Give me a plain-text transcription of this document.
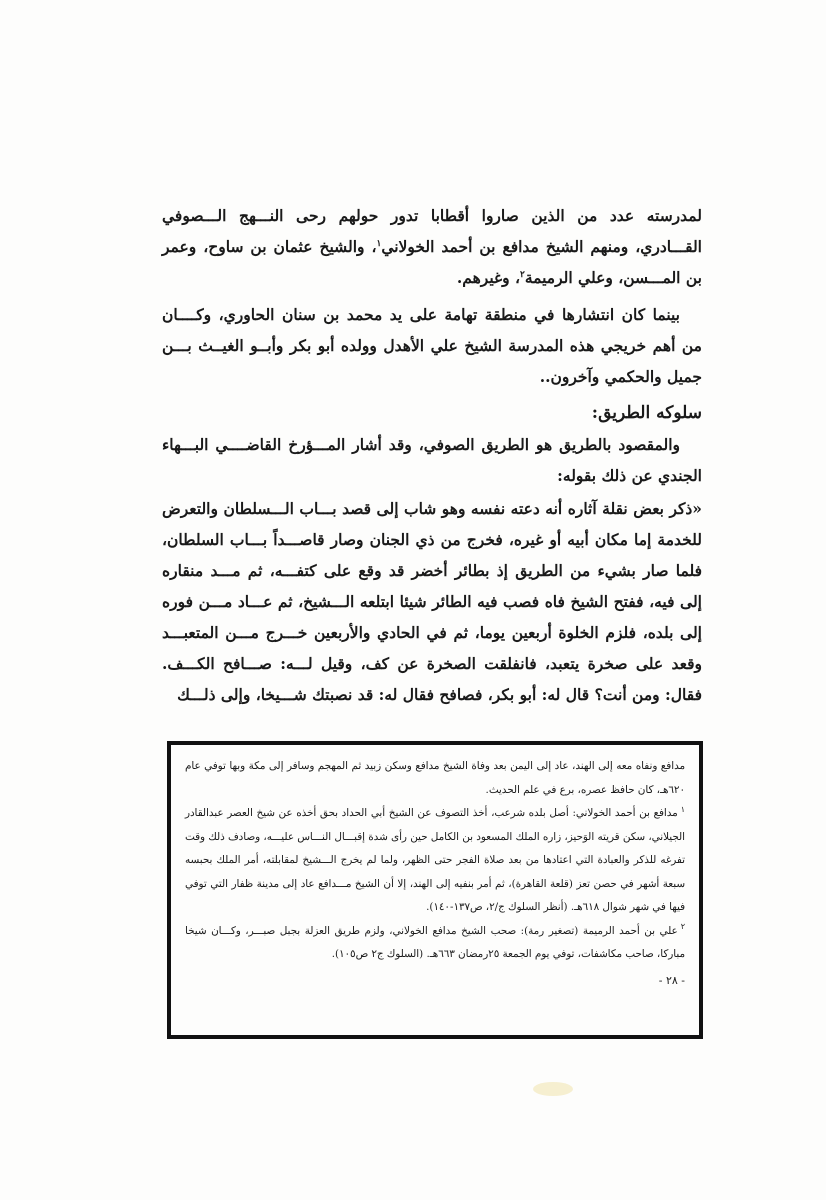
لمدرسته عدد من الذين صاروا أقطابا تدور حولهم رحى النـــهج الـــصوفي القـــادري، ومنهم الشيخ مدافع بن أحمد الخولاني$^١$، والشيخ عثمان بن ساوح، وعمر بن المـــسن، وعلي الرميمة$^٢$، وغيرهم.

بينما كان انتشارها في منطقة تهامة على يد محمد بن سنان الحاوري، وكــــان من أهم خريجي هذه المدرسة الشيخ علي الأهدل وولده أبو بكر وأبــو الغيــث بـــن جميل والحكمي وآخرون..

سلوكه الطريق:

والمقصود بالطريق هو الطريق الصوفي، وقد أشار المـــؤرخ القاضــــي البـــهاء الجندي عن ذلك بقوله:

«ذكر بعض نقلة آثاره أنه دعته نفسه وهو شاب إلى قصد بـــاب الـــسلطان والتعرض للخدمة إما مكان أبيه أو غيره، فخرج من ذي الجنان وصار قاصـــداً بـــاب السلطان، فلما صار بشيء من الطريق إذ بطائر أخضر قد وقع على كتفـــه، ثم مـــد منقاره إلى فيه، ففتح الشيخ فاه فصب فيه الطائر شيئا ابتلعه الـــشيخ، ثم عـــاد مـــن فوره إلى بلده، فلزم الخلوة أربعين يوما، ثم في الحادي والأربعين خـــرج مـــن المتعبـــد وقعد على صخرة يتعبد، فانفلقت الصخرة عن كف، وقيل لـــه: صـــافح الكـــف. فقال: ومن أنت؟ قال له: أبو بكر، فصافح فقال له: قد نصبتك شـــيخا، وإلى ذلـــك

مدافع ونفاه معه إلى الهند، عاد إلى اليمن بعد وفاة الشيخ مدافع وسكن زبيد ثم المهجم وسافر إلى مكة وبها توفي عام ٦٢٠هـ، كان حافظ عصره، برع في علم الحديث.

$^١$مدافع بن أحمد الخولاني: أصل بلده شرعب، أخذ التصوف عن الشيخ أبي الحداد بحق أخذه عن شيخ العصر عبدالقادر الجيلاني، سكن قريته الوَحيز، زاره الملك المسعود بن الكامل حين رأى شدة إقبـــال النـــاس عليـــه، وصادف ذلك وقت تفرغه للذكر والعبادة التي اعتادها من بعد صلاة الفجر حتى الظهر، ولما لم يخرج الـــشيخ لمقابلته، أمر الملك بحبسه سبعة أشهر في حصن تعز (قلعة القاهرة)، ثم أمر بنفيه إلى الهند، إلا أن الشيخ مـــدافع عاد إلى مدينة ظفار التي توفي فيها في شهر شوال ٦١٨هـ. (أنظر السلوك ج/٢، ص١٣٧-١٤٠).

$^٢$علي بن أحمد الرميمة (تصغير رمة): صحب الشيخ مدافع الخولاني، ولزم طريق العزلة بجبل صبـــر، وكـــان شيخا مباركا، صاحب مكاشفات، توفي يوم الجمعة ٢٥رمضان ٦٦٣هـ. (السلوك ج٢ ص١٠٥).

- ٢٨ -
